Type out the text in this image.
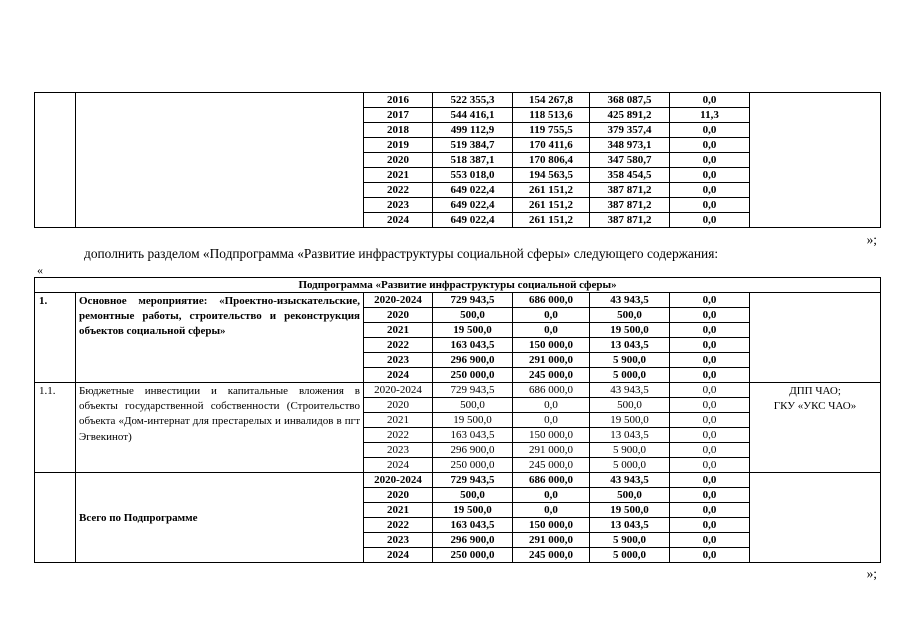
		2016	522 355,3	154 267,8	368 087,5	0,0	
		2017	544 416,1	118 513,6	425 891,2	11,3	
		2018	499 112,9	119 755,5	379 357,4	0,0	
		2019	519 384,7	170 411,6	348 973,1	0,0	
		2020	518 387,1	170 806,4	347 580,7	0,0	
		2021	553 018,0	194 563,5	358 454,5	0,0	
		2022	649 022,4	261 151,2	387 871,2	0,0	
		2023	649 022,4	261 151,2	387 871,2	0,0	
		2024	649 022,4	261 151,2	387 871,2	0,0	
»;
дополнить разделом «Подпрограмма «Развитие инфраструктуры социальной сферы» следующего содержания:
«
Подпрограмма «Развитие инфраструктуры социальной сферы»							
1.	Основное мероприятие: «Проектно-изыскательские, ремонтные работы, строительство и реконструкция объектов социальной сферы»	2020-2024	729 943,5	686 000,0	43 943,5	0,0	
		2020	500,0	0,0	500,0	0,0	
		2021	19 500,0	0,0	19 500,0	0,0	
		2022	163 043,5	150 000,0	13 043,5	0,0	
		2023	296 900,0	291 000,0	5 900,0	0,0	
		2024	250 000,0	245 000,0	5 000,0	0,0	
1.1.	Бюджетные инвестиции и капитальные вложения в объекты государственной собственности (Строительство объекта «Дом-интернат для престарелых и инвалидов в пгт Эгвекинот)	2020-2024	729 943,5	686 000,0	43 943,5	0,0	ДПП ЧАО;
ГКУ «УКС ЧАО»

		2020	500,0	0,0	500,0	0,0	
		2021	19 500,0	0,0	19 500,0	0,0	
		2022	163 043,5	150 000,0	13 043,5	0,0	
		2023	296 900,0	291 000,0	5 900,0	0,0	
		2024	250 000,0	245 000,0	5 000,0	0,0	
	Всего по Подпрограмме	2020-2024	729 943,5	686 000,0	43 943,5	0,0	
		2020	500,0	0,0	500,0	0,0	
		2021	19 500,0	0,0	19 500,0	0,0	
		2022	163 043,5	150 000,0	13 043,5	0,0	
		2023	296 900,0	291 000,0	5 900,0	0,0	
		2024	250 000,0	245 000,0	5 000,0	0,0	
»;
